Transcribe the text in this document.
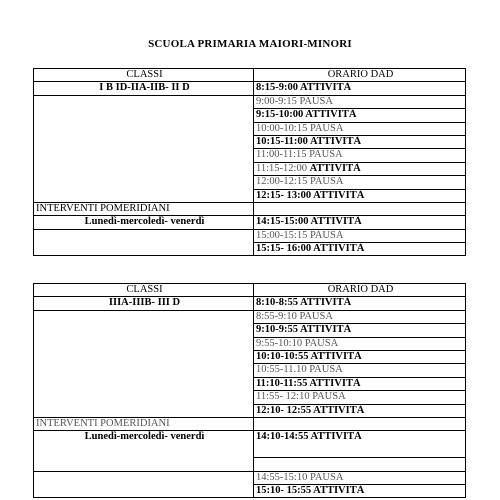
SCUOLA PRIMARIA MAIORI-MINORI
CLASSI	ORARIO DAD
I B ID-IIA-IIB- II D	8:15-9:00 ATTIVITÀ
	9:00-9:15 PAUSA
	9:15-10:00 ATTIVITÀ
	10:00-10:15 PAUSA
	10:15-11:00 ATTIVITÀ
	11:00-11:15 PAUSA
	11:15-12:00 ATTIVITÀ
	12:00-12:15 PAUSA
	12:15- 13:00 ATTIVITÀ
INTERVENTI POMERIDIANI	
Lunedì-mercoledì- venerdì	14:15-15:00 ATTIVITÀ
	15:00-15:15 PAUSA
	15:15- 16:00 ATTIVITÀ
CLASSI	ORARIO DAD
IIIA-IIIB- III D	8:10-8:55 ATTIVITÀ
	8:55-9:10 PAUSA
	9:10-9:55 ATTIVITÀ
	9:55-10:10 PAUSA
	10:10-10:55 ATTIVITÀ
	10:55-11.10 PAUSA
	11:10-11:55 ATTIVITÀ
	11:55- 12:10 PAUSA
	12:10- 12:55 ATTIVITÀ
INTERVENTI POMERIDIANI	
Lunedì-mercoledì- venerdì	14:10-14:55 ATTIVITÀ

	14:55-15:10 PAUSA
	15:10- 15:55 ATTIVITÀ
